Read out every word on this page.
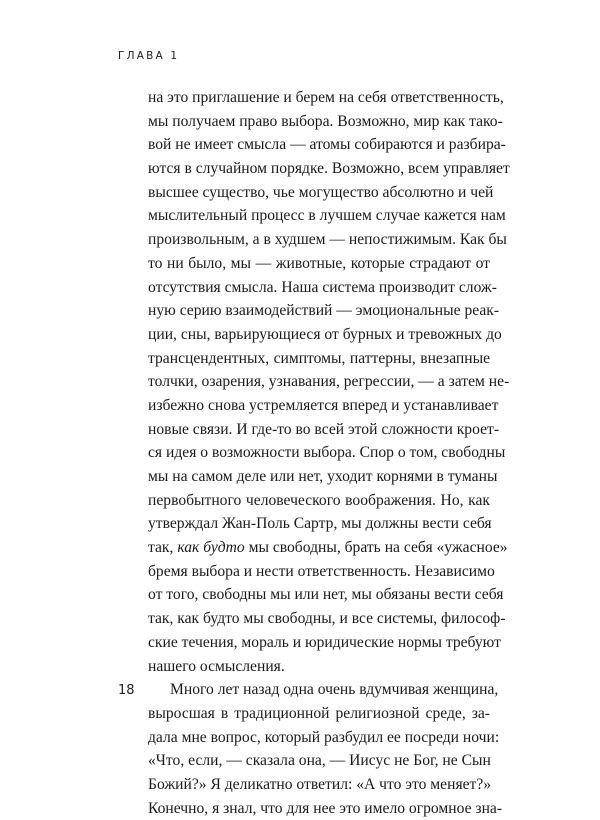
ГЛАВА 1
на это приглашение и берем на себя ответственность,
мы получаем право выбора. Возможно, мир как тако-
вой не имеет смысла — атомы собираются и разбира-
ются в случайном порядке. Возможно, всем управляет
высшее существо, чье могущество абсолютно и чей
мыслительный процесс в лучшем случае кажется нам
произвольным, а в худшем — непостижимым. Как бы
то ни было, мы — животные, которые страдают от
отсутствия смысла. Наша система производит слож-
ную серию взаимодействий — эмоциональные реак-
ции, сны, варьирующиеся от бурных и тревожных до
трансцендентных, симптомы, паттерны, внезапные
толчки, озарения, узнавания, регрессии, — а затем не-
избежно снова устремляется вперед и устанавливает
новые связи. И где-то во всей этой сложности кроет-
ся идея о возможности выбора. Спор о том, свободны
мы на самом деле или нет, уходит корнями в туманы
первобытного человеческого воображения. Но, как
утверждал Жан-Поль Сартр, мы должны вести себя
так, как будто мы свободны, брать на себя «ужасное»
бремя выбора и нести ответственность. Независимо
от того, свободны мы или нет, мы обязаны вести себя
так, как будто мы свободны, и все системы, философ-
ские течения, мораль и юридические нормы требуют
нашего осмысления.
Много лет назад одна очень вдумчивая женщина,
выросшая в традиционной религиозной среде, за-
дала мне вопрос, который разбудил ее посреди ночи:
«Что, если, — сказала она, — Иисус не Бог, не Сын
Божий?» Я деликатно ответил: «А что это меняет?»
Конечно, я знал, что для нее это имело огромное зна-
18
